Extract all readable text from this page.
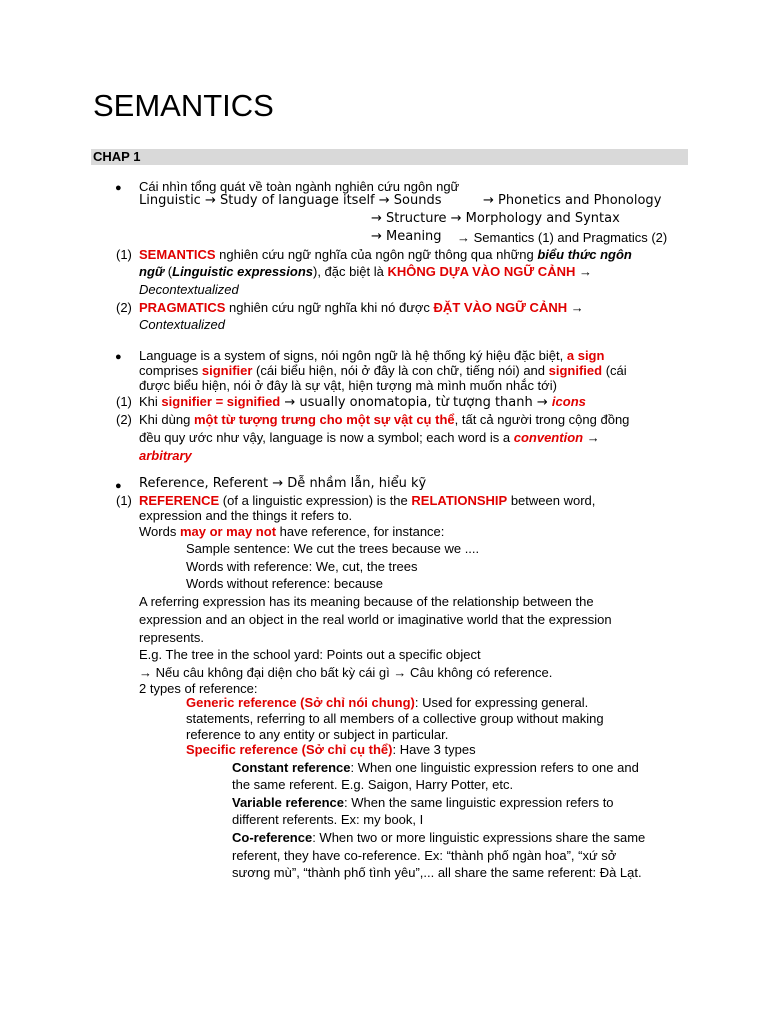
SEMANTICS
CHAP 1
● Cái nhìn tổng quát về toàn ngành nghiên cứu ngôn ngữ
Linguistic → Study of language itself → Sounds	→ Phonetics and Phonology
→ Structure → Morphology and Syntax
→ Meaning → Semantics (1) and Pragmatics (2)
(1) SEMANTICS nghiên cứu ngữ nghĩa của ngôn ngữ thông qua những biểu thức ngôn
ngữ (Linguistic expressions), đặc biệt là KHÔNG DỰA VÀO NGỮ CẢNH →
Decontextualized
(2) PRAGMATICS nghiên cứu ngữ nghĩa khi nó được ĐẶT VÀO NGỮ CẢNH →
Contextualized
● Language is a system of signs, nói ngôn ngữ là hệ thống ký hiệu đặc biệt, a sign
comprises signifier (cái biểu hiện, nói ở đây là con chữ, tiếng nói) and signified (cái
được biểu hiện, nói ở đây là sự vật, hiện tượng mà mình muốn nhắc tới)
(1) Khi signifier = signified → usually onomatopia, từ tượng thanh → icons
(2) Khi dùng một từ tượng trưng cho một sự vật cụ thể, tất cả người trong cộng đồng
đều quy ước như vậy, language is now a symbol; each word is a convention →
arbitrary
● Reference, Referent → Dễ nhầm lẫn, hiểu kỹ
(1) REFERENCE (of a linguistic expression) is the RELATIONSHIP between word,
expression and the things it refers to.
Words may or may not have reference, for instance:
Sample sentence: We cut the trees because we ....
Words with reference: We, cut, the trees
Words without reference: because
A referring expression has its meaning because of the relationship between the
expression and an object in the real world or imaginative world that the expression
represents.
E.g. The tree in the school yard: Points out a specific object
→ Nếu câu không đại diện cho bất kỳ cái gì → Câu không có reference.
2 types of reference:
Generic reference (Sở chỉ nói chung): Used for expressing general.
statements, referring to all members of a collective group without making
reference to any entity or subject in particular.
Specific reference (Sở chỉ cụ thể): Have 3 types
Constant reference: When one linguistic expression refers to one and
the same referent. E.g. Saigon, Harry Potter, etc.
Variable reference: When the same linguistic expression refers to
different referents. Ex: my book, I
Co-reference: When two or more linguistic expressions share the same
referent, they have co-reference. Ex: “thành phố ngàn hoa”, “xứ sở
sương mù”, “thành phố tình yêu”,... all share the same referent: Đà Lạt.
